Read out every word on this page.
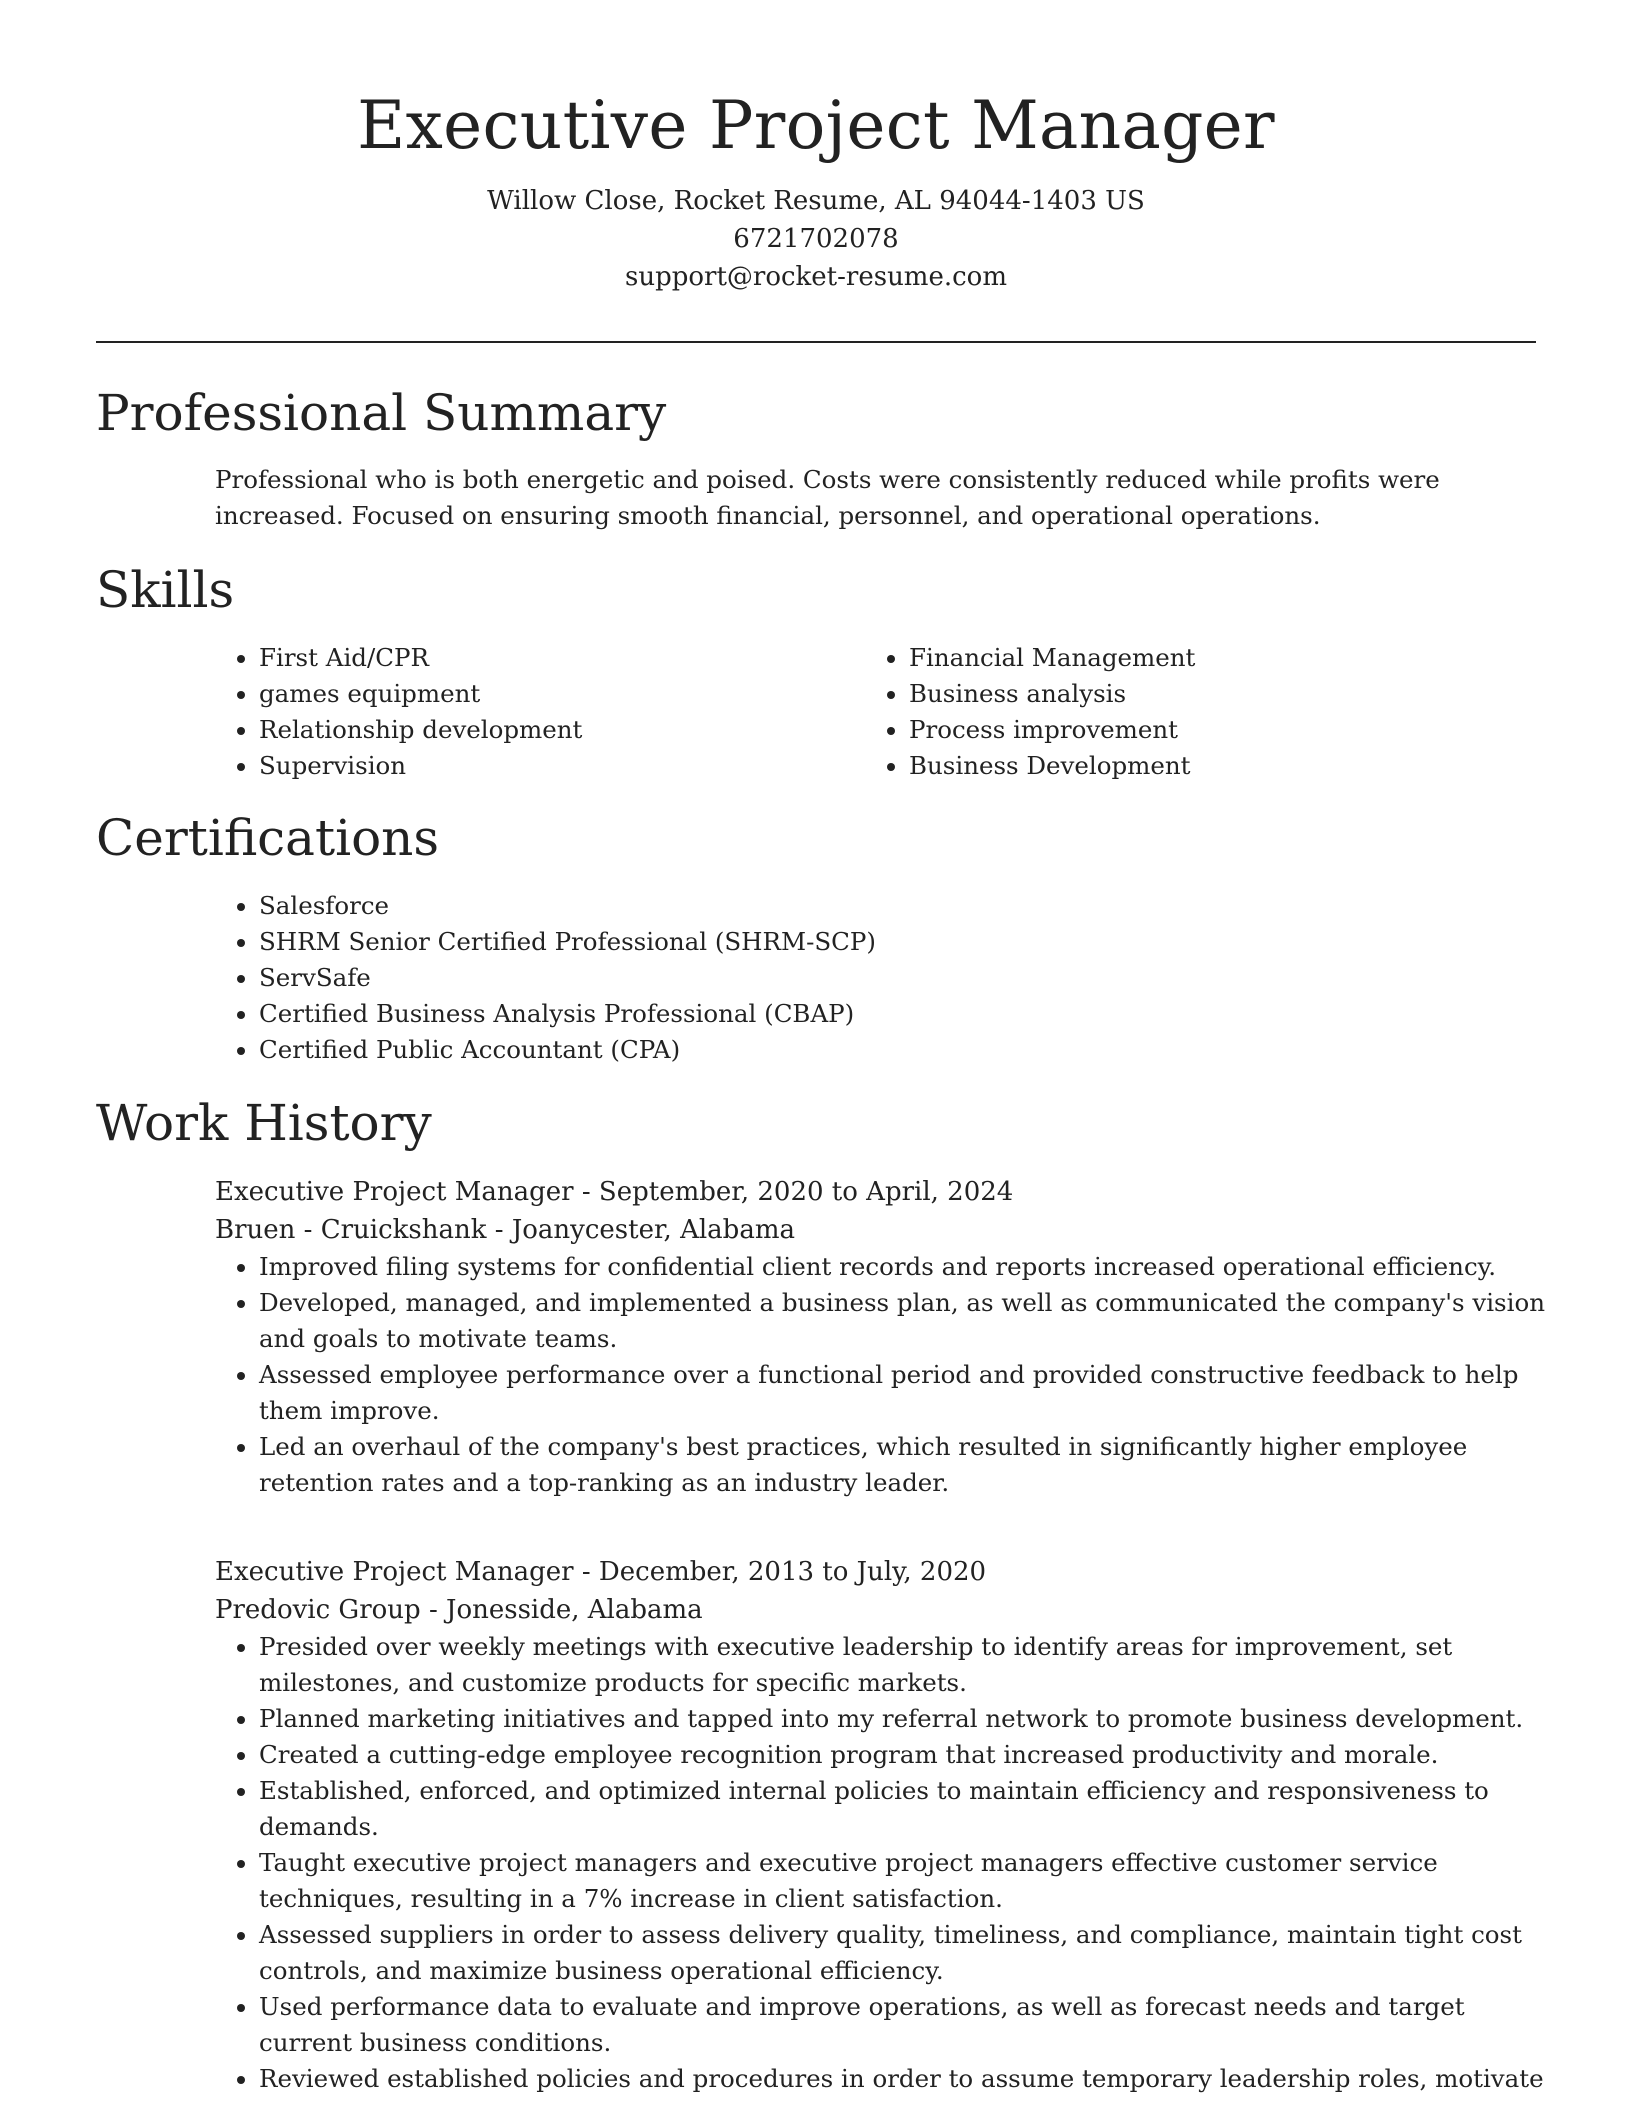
Executive Project Manager

Willow Close, Rocket Resume, AL 94044-1403 US

6721702078

support@rocket-resume.com

Professional Summary

Professional who is both energetic and poised. Costs were consistently reduced while profits were increased. Focused on ensuring smooth financial, personnel, and operational operations.

Skills
• First Aid/CPR
• games equipment
• Relationship development
• Supervision
• Financial Management
• Business analysis
• Process improvement
• Business Development
Certifications
• Salesforce
• SHRM Senior Certified Professional (SHRM-SCP)
• ServSafe
• Certified Business Analysis Professional (CBAP)
• Certified Public Accountant (CPA)
Work History

Executive Project Manager - September, 2020 to April, 2024

Bruen - Cruickshank - Joanycester, Alabama

• Improved filing systems for confidential client records and reports increased operational efficiency.
• Developed, managed, and implemented a business plan, as well as communicated the company's vision and goals to motivate teams.
• Assessed employee performance over a functional period and provided constructive feedback to help them improve.
• Led an overhaul of the company's best practices, which resulted in significantly higher employee retention rates and a top-ranking as an industry leader.

Executive Project Manager - December, 2013 to July, 2020

Predovic Group - Jonesside, Alabama

• Presided over weekly meetings with executive leadership to identify areas for improvement, set milestones, and customize products for specific markets.
• Planned marketing initiatives and tapped into my referral network to promote business development.
• Created a cutting-edge employee recognition program that increased productivity and morale.
• Established, enforced, and optimized internal policies to maintain efficiency and responsiveness to demands.
• Taught executive project managers and executive project managers effective customer service techniques, resulting in a 7% increase in client satisfaction.
• Assessed suppliers in order to assess delivery quality, timeliness, and compliance, maintain tight cost controls, and maximize business operational efficiency.
• Used performance data to evaluate and improve operations, as well as forecast needs and target current business conditions.
• Reviewed established policies and procedures in order to assume temporary leadership roles, motivate
